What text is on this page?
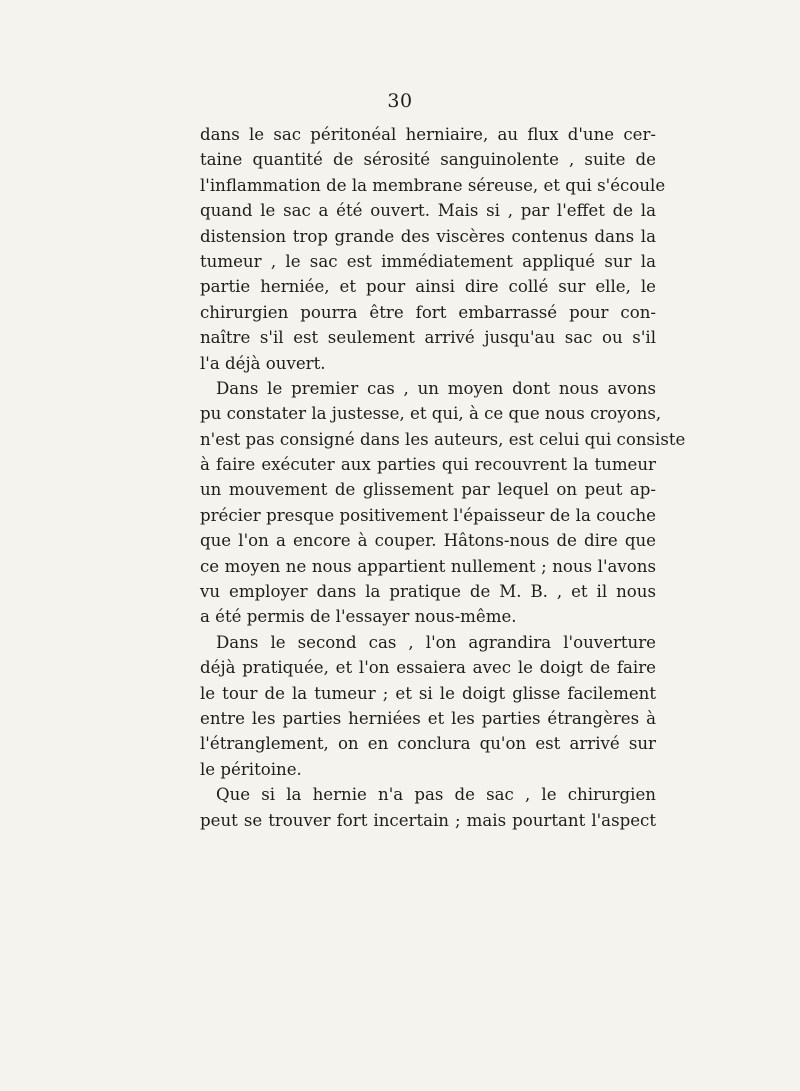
30
dans le sac péritonéal herniaire, au flux d'une cer-
taine quantité de sérosité sanguinolente , suite de
l'inflammation de la membrane séreuse, et qui s'écoule
quand le sac a été ouvert. Mais si , par l'effet de la
distension trop grande des viscères contenus dans la
tumeur , le sac est immédiatement appliqué sur la
partie herniée, et pour ainsi dire collé sur elle, le
chirurgien pourra être fort embarrassé pour con-
naître s'il est seulement arrivé jusqu'au sac ou s'il
l'a déjà ouvert.
Dans le premier cas , un moyen dont nous avons
pu constater la justesse, et qui, à ce que nous croyons,
n'est pas consigné dans les auteurs, est celui qui consiste
à faire exécuter aux parties qui recouvrent la tumeur
un mouvement de glissement par lequel on peut ap-
précier presque positivement l'épaisseur de la couche
que l'on a encore à couper. Hâtons-nous de dire que
ce moyen ne nous appartient nullement ; nous l'avons
vu employer dans la pratique de M. B. , et il nous
a été permis de l'essayer nous-même.
Dans le second cas , l'on agrandira l'ouverture
déjà pratiquée, et l'on essaiera avec le doigt de faire
le tour de la tumeur ; et si le doigt glisse facilement
entre les parties herniées et les parties étrangères à
l'étranglement, on en conclura qu'on est arrivé sur
le péritoine.
Que si la hernie n'a pas de sac , le chirurgien
peut se trouver fort incertain ; mais pourtant l'aspect
